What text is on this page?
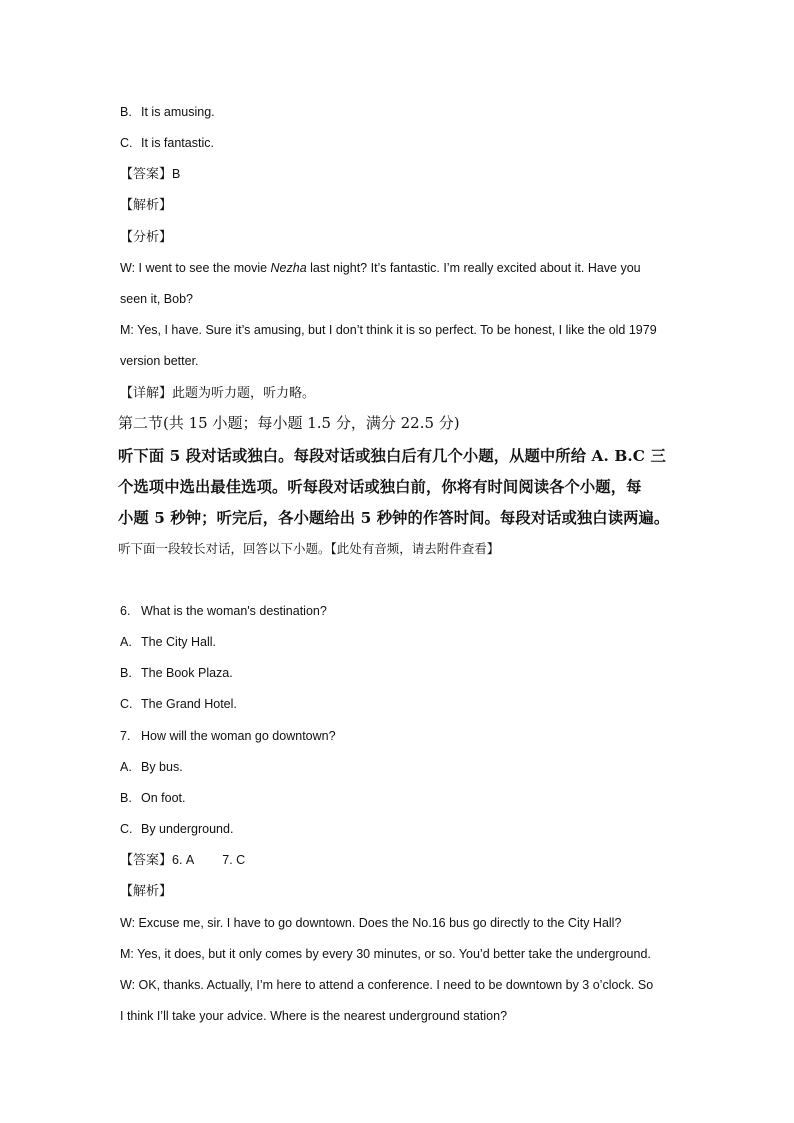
B. It is amusing.
C. It is fantastic.
【答案】B
【解析】
【分析】
W: I went to see the movie Nezha last night? It’s fantastic. I’m really excited about it. Have you
seen it, Bob?
M: Yes, I have. Sure it’s amusing, but I don’t think it is so perfect. To be honest, I like the old 1979
version better.
【详解】此题为听力题，听力略。
第二节(共 15 小题；每小题 1.5 分，满分 22.5 分)
听下面 5 段对话或独白。每段对话或独白后有几个小题，从题中所给 A. B.C 三
个选项中选出最佳选项。听每段对话或独白前，你将有时间阅读各个小题，每
小题 5 秒钟；听完后，各小题给出 5 秒钟的作答时间。每段对话或独白读两遍。
听下面一段较长对话，回答以下小题。【此处有音频，请去附件查看】
6. What is the woman's destination?
A. The City Hall.
B. The Book Plaza.
C. The Grand Hotel.
7. How will the woman go downtown?
A. By bus.
B. On foot.
C. By underground.
【答案】6. A 7. C
【解析】
W: Excuse me, sir. I have to go downtown. Does the No.16 bus go directly to the City Hall?
M: Yes, it does, but it only comes by every 30 minutes, or so. You’d better take the underground.
W: OK, thanks. Actually, I’m here to attend a conference. I need to be downtown by 3 o’clock. So
I think I’ll take your advice. Where is the nearest underground station?
